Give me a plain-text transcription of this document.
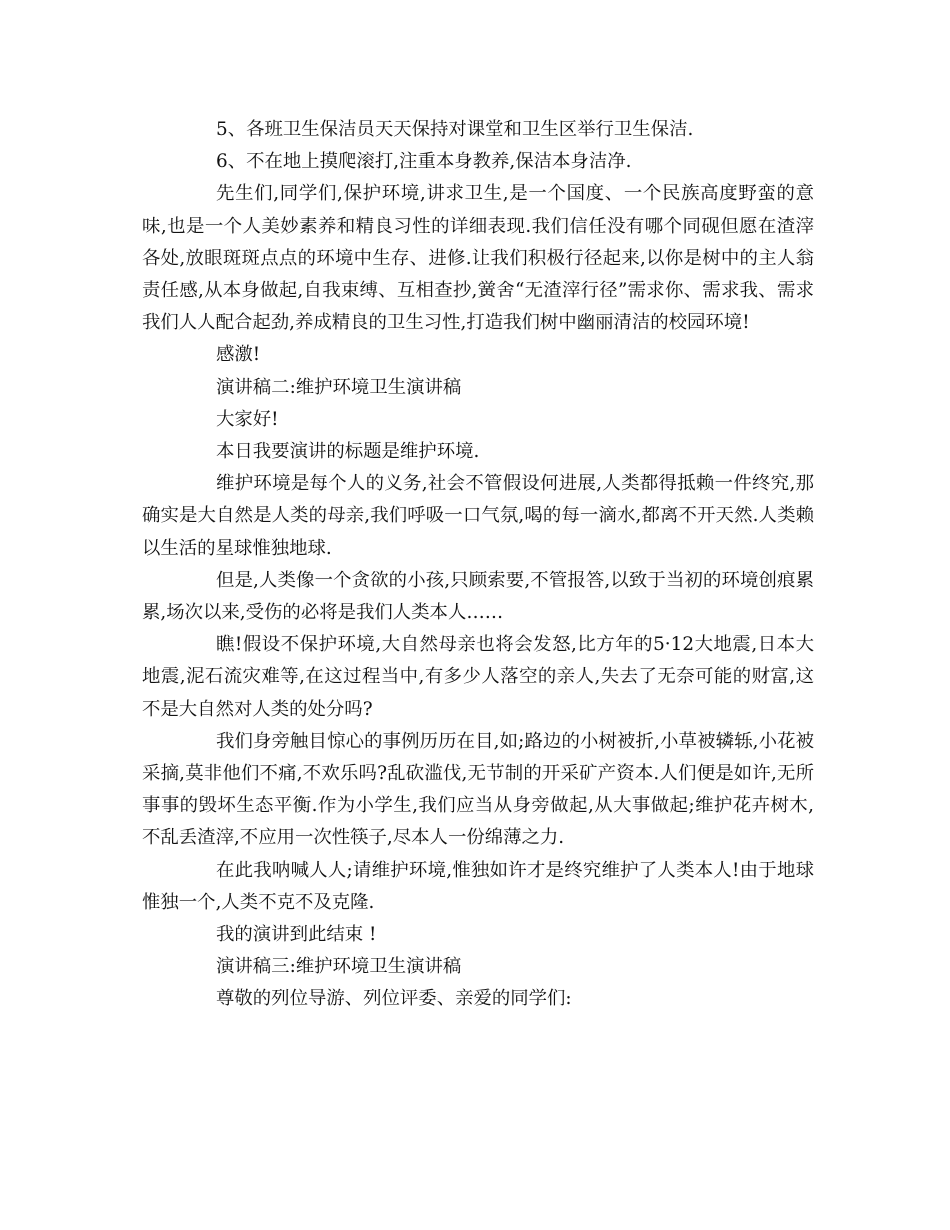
5、各班卫生保洁员天天保持对课堂和卫生区举行卫生保洁.

6、不在地上摸爬滚打,注重本身教养,保洁本身洁净.

先生们,同学们,保护环境,讲求卫生,是一个国度、一个民族高度野蛮的意味,也是一个人美妙素养和精良习性的详细表现.我们信任没有哪个同砚但愿在渣滓各处,放眼斑斑点点的环境中生存、进修.让我们积极行径起来,以你是树中的主人翁责任感,从本身做起,自我束缚、互相查抄,黉舍“无渣滓行径”需求你、需求我、需求我们人人配合起劲,养成精良的卫生习性,打造我们树中幽丽清洁的校园环境!

感激!

演讲稿二:维护环境卫生演讲稿

大家好!

本日我要演讲的标题是维护环境.

维护环境是每个人的义务,社会不管假设何进展,人类都得抵赖一件终究,那确实是大自然是人类的母亲,我们呼吸一口气氛,喝的每一滴水,都离不开天然.人类赖以生活的星球惟独地球.

但是,人类像一个贪欲的小孩,只顾索要,不管报答,以致于当初的环境创痕累累,场次以来,受伤的必将是我们人类本人……

瞧!假设不保护环境,大自然母亲也将会发怒,比方年的5·12大地震,日本大地震,泥石流灾难等,在这过程当中,有多少人落空的亲人,失去了无奈可能的财富,这不是大自然对人类的处分吗?

我们身旁触目惊心的事例历历在目,如;路边的小树被折,小草被辚轹,小花被采摘,莫非他们不痛,不欢乐吗?乱砍滥伐,无节制的开采矿产资本.人们便是如许,无所事事的毁坏生态平衡.作为小学生,我们应当从身旁做起,从大事做起;维护花卉树木,不乱丢渣滓,不应用一次性筷子,尽本人一份绵薄之力.

在此我呐喊人人;请维护环境,惟独如许才是终究维护了人类本人!由于地球惟独一个,人类不克不及克隆.

我的演讲到此结束 !

演讲稿三:维护环境卫生演讲稿

尊敬的列位导游、列位评委、亲爱的同学们:
